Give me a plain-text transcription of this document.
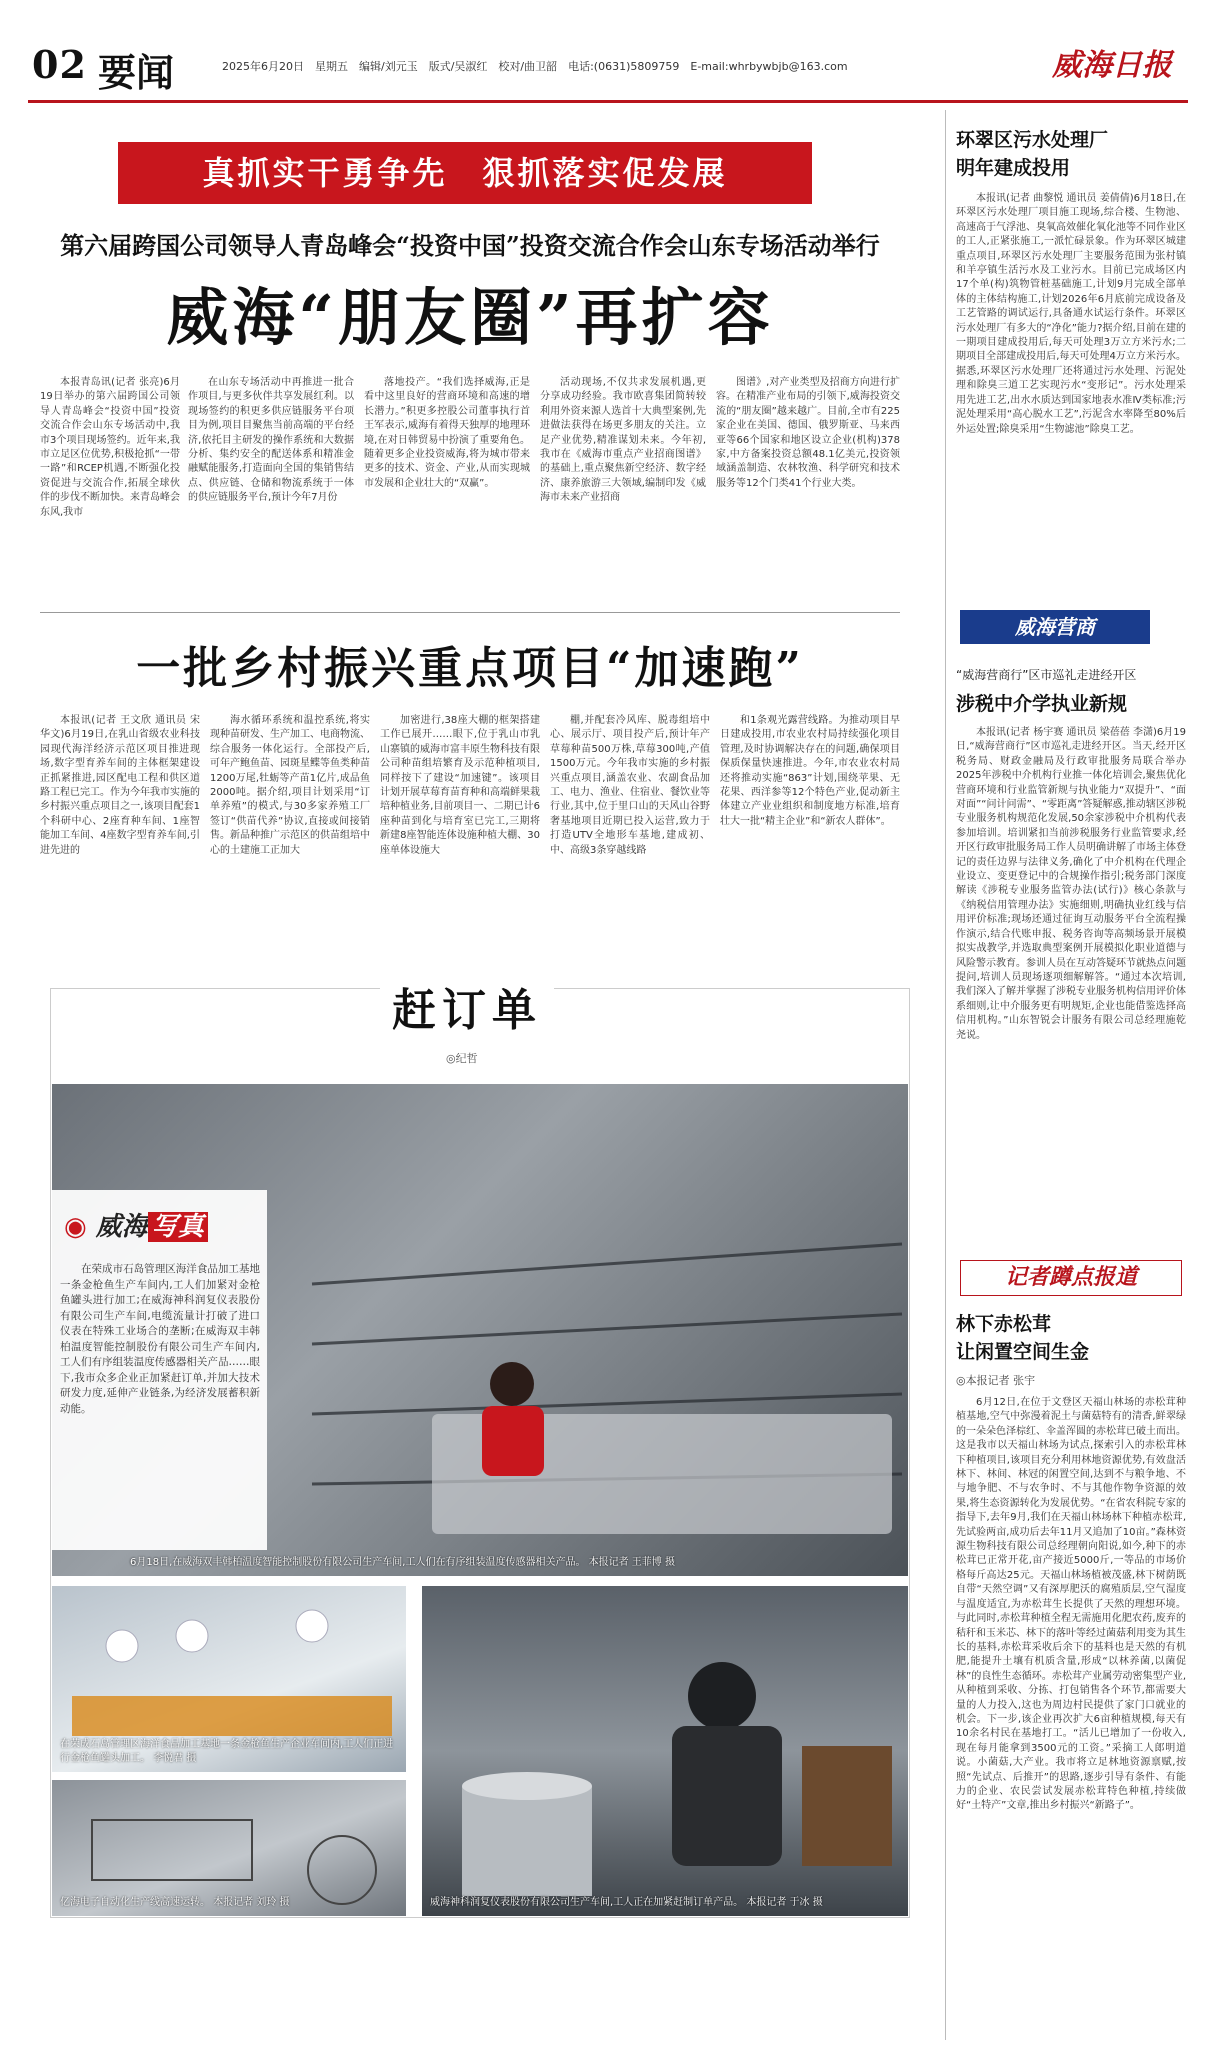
02 要闻	2025年6月20日　星期五　编辑/刘元玉　版式/吴淑红　校对/曲卫韶　电话:(0631)5809759　E-mail:whrbywbjb@163.com	威海日报
真抓实干勇争先　狠抓落实促发展
第六届跨国公司领导人青岛峰会“投资中国”投资交流合作会山东专场活动举行
威海“朋友圈”再扩容
本报青岛讯(记者 张亮)6月19日举办的第六届跨国公司领导人青岛峰会“投资中国”投资交流合作会山东专场活动中,我市3个项目现场签约。近年来,我市立足区位优势,积极抢抓“一带一路”和RCEP机遇,不断强化投资促进与交流合作,拓展全球伙伴的步伐不断加快。来青岛峰会东风,我市
在山东专场活动中再推进一批合作项目,与更多伙伴共享发展红利。以现场签约的积更多供应链服务平台项目为例,项目目聚焦当前高端的平台经济,依托目主研发的操作系统和大数据分析、集约安全的配送体系和精准金融赋能服务,打造面向全国的集销售结点、供应链、仓储和物流系统于一体的供应链服务平台,预计今年7月份
落地投产。“我们选择威海,正是看中这里良好的营商环境和高速的增长潜力。”积更多控股公司董事执行首王军表示,威海有着得天独厚的地理环境,在对日韩贸易中扮演了重要角色。随着更多企业投资威海,将为城市带来更多的技术、资金、产业,从而实现城市发展和企业壮大的“双赢”。
活动现场,不仅共求发展机遇,更分享成功经验。我市欧喜集团简转较利用外资来源人选首十大典型案例,先进做法获得在场更多朋友的关注。立足产业优势,精准谋划未来。今年初,我市在《威海市重点产业招商图谱》的基础上,重点聚焦新空经济、数字经济、康养旅游三大领域,编制印发《威海市未来产业招商
图谱》,对产业类型及招商方向进行扩容。在精准产业布局的引领下,威海投资交流的“朋友圈”越来越广。目前,全市有225家企业在美国、德国、俄罗斯亚、马来西亚等66个国家和地区设立企业(机构)378家,中方备案投资总额48.1亿美元,投资领域涵盖制造、农林牧渔、科学研究和技术服务等12个门类41个行业大类。
一批乡村振兴重点项目“加速跑”
本报讯(记者 王文欣 通讯员 宋华文)6月19日,在乳山省级农业科技园现代海洋经济示范区项目推进现场,数字型育养车间的主体框架建设正抓紧推进,园区配电工程和供区道路工程已完工。作为今年我市实施的乡村振兴重点项目之一,该项目配套1个科研中心、2座育种车间、1座智能加工车间、4座数字型育养车间,引进先进的
海水循环系统和温控系统,将实现种苗研发、生产加工、电商物流、综合服务一体化运行。全部投产后,可年产鲍鱼苗、园斑星鲽等鱼类种苗1200万尾,牡蛎等产苗1亿片,成品鱼2000吨。据介绍,项目计划采用“订单养殖”的模式,与30多家养殖工厂签订“供苗代养”协议,直接或间接销售。新品种推广示范区的供苗组培中心的土建施工正加大
加密进行,38座大棚的框架搭建工作已展开……眼下,位于乳山市乳山寨镇的威海市富丰原生物科技有限公司种苗组培繁育及示范种植项目,同样按下了建设“加速键”。该项目计划开展草莓育苗育种和高端鲜果栽培种植业务,目前项目一、二期已计6座种苗到化与培育室已完工,三期将新建8座智能连体设施种植大棚、30座单体设施大
棚,并配套冷风库、脱毒组培中心、展示厅、项目投产后,预计年产草莓种苗500万株,草莓300吨,产值1500万元。今年我市实施的乡村振兴重点项目,涵盖农业、农副食品加工、电力、渔业、住宿业、餐饮业等行业,其中,位于里口山的天风山谷野奢基地项目近期已投入运营,致力于打造UTV全地形车基地,建成初、中、高级3条穿越线路
和1条观光露营线路。为推动项目早日建成投用,市农业农村局持续强化项目管理,及时协调解决存在的问题,确保项目保质保量快速推进。今年,市农业农村局还将推动实施“863”计划,围绕苹果、无花果、西洋参等12个特色产业,促动新主体建立产业业组织和制度地方标准,培育壮大一批“精主企业”和“新农人群体”。
赶订单
◎纪哲
◉ 威海 写真
在荣成市石岛管理区海洋食品加工基地一条金枪鱼生产车间内,工人们加紧对金枪鱼罐头进行加工;在威海神科润复仪表股份有限公司生产车间,电缆流量计打破了进口仪表在特殊工业场合的垄断;在威海双丰韩柏温度智能控制股份有限公司生产车间内,工人们有序组装温度传感器相关产品……眼下,我市众多企业正加紧赶订单,并加大技术研发力度,延伸产业链条,为经济发展蓄积新动能。
6月18日,在威海双丰韩柏温度智能控制股份有限公司生产车间,工人们在有序组装温度传感器相关产品。 本报记者 王菲博 摄
在荣成石岛管理区海洋食品加工基地一条金枪鱼生产企业车间内,工人们正进行金枪鱼罐头加工。 李悦君 摄
亿海电子自动化生产线高速运转。 本报记者 刘玲 摄	威海神科润复仪表股份有限公司生产车间,工人正在加紧赶制订单产品。 本报记者 于冰 摄
环翠区污水处理厂
明年建成投用
本报讯(记者 曲黎悦 通讯员 姜倩倩)6月18日,在环翠区污水处理厂项目施工现场,综合楼、生物池、高速高于气浮池、臭氧高效催化氧化池等不同作业区的工人,正紧张施工,一派忙碌景象。作为环翠区城建重点项目,环翠区污水处理厂主要服务范围为张村镇和羊亭镇生活污水及工业污水。目前已完成场区内17个单(构)筑物管桩基础施工,计划9月完成全部单体的主体结构施工,计划2026年6月底前完成设备及工艺管路的调试运行,具备通水试运行条件。环翠区污水处理厂有多大的“净化”能力?据介绍,目前在建的一期项目建成投用后,每天可处理3万立方米污水;二期项目全部建成投用后,每天可处理4万立方米污水。据悉,环翠区污水处理厂还将通过污水处理、污泥处理和除臭三道工艺实现污水“变形记”。污水处理采用先进工艺,出水水质达到国家地表水准Ⅳ类标准;污泥处理采用“高心脱水工艺”,污泥含水率降至80%后外运处置;除臭采用“生物滤池”除臭工艺。
威海营商
“威海营商行”区市巡礼走进经开区
涉税中介学执业新规
本报讯(记者 杨宇赛 通讯员 梁蓓蓓 李潇)6月19日,“威海营商行”区市巡礼走进经开区。当天,经开区税务局、财政金融局及行政审批服务局联合举办2025年涉税中介机构行业推一体化培训会,聚焦优化营商环境和行业监管新规与执业能力“双提升”、“面对面”“问计问需”、“零距离”答疑解惑,推动辖区涉税专业服务机构规范化发展,50余家涉税中介机构代表参加培训。培训紧扣当前涉税服务行业监管要求,经开区行政审批服务局工作人员明确讲解了市场主体登记的责任边界与法律义务,确化了中介机构在代理企业设立、变更登记中的合规操作指引;税务部门深度解读《涉税专业服务监管办法(试行)》核心条款与《纳税信用管理办法》实施细则,明确执业红线与信用评价标准;现场还通过征询互动服务平台全流程操作演示,结合代账申报、税务咨询等高频场景开展模拟实战教学,并选取典型案例开展模拟化职业道德与风险警示教育。参训人员在互动答疑环节就热点问题提问,培训人员现场逐项细解解答。“通过本次培训,我们深入了解并掌握了涉税专业服务机构信用评价体系细则,让中介服务更有明规矩,企业也能借鉴选择高信用机构。”山东智锐会计服务有限公司总经理施乾尧说。
记者蹲点报道
林下赤松茸
让闲置空间生金
◎本报记者 张宇
6月12日,在位于文登区天福山林场的赤松茸种植基地,空气中弥漫着泥土与菌菇特有的清香,鲜翠绿的一朵朵色泽棕红、伞盖浑圆的赤松茸已破土而出。这是我市以天福山林场为试点,探索引入的赤松茸林下种植项目,该项目充分利用林地资源优势,有效盘活林下、林间、林冠的闲置空间,达到不与粮争地、不与地争肥、不与农争时、不与其他作物争资源的效果,将生态资源转化为发展优势。“在省农科院专家的指导下,去年9月,我们在天福山林场林下种植赤松茸,先试验两亩,成功后去年11月又追加了10亩。”森林资源生物科技有限公司总经理朝向阳说,如今,种下的赤松茸已正常开花,亩产接近5000斤,一等品的市场价格每斤高达25元。天福山林场植被茂盛,林下树荫既自带“天然空调”又有深厚肥沃的腐殖质层,空气湿度与温度适宜,为赤松茸生长提供了天然的理想环境。与此同时,赤松茸种植全程无需施用化肥农药,废弃的秸秆和玉米芯、林下的落叶等经过菌菇利用变为其生长的基料,赤松茸采收后余下的基料也是天然的有机肥,能提升土壤有机质含量,形成“以林养菌,以菌促林”的良性生态循环。赤松茸产业属劳动密集型产业,从种植到采收、分拣、打包销售各个环节,都需要大量的人力投入,这也为周边村民提供了家门口就业的机会。下一步,该企业再次扩大6亩种植规模,每天有10余名村民在基地打工。“活儿已增加了一份收入,现在每月能拿到3500元的工资。”采摘工人郎明道说。小菌菇,大产业。我市将立足林地资源禀赋,按照“先试点、后推开”的思路,逐步引导有条件、有能力的企业、农民尝试发展赤松茸特色种植,持续做好“土特产”文章,推出乡村振兴“新路子”。
